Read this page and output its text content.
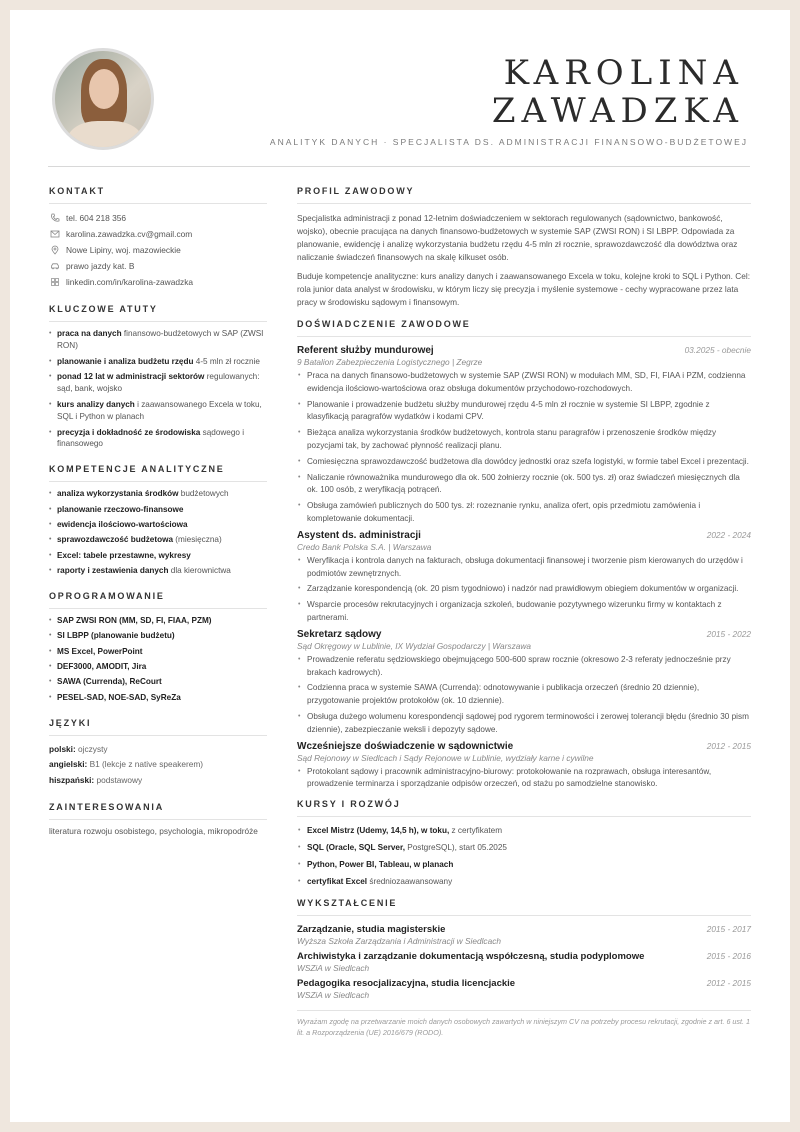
KAROLINA
ZAWADZKA
ANALITYK DANYCH · SPECJALISTA DS. ADMINISTRACJI FINANSOWO-BUDŻETOWEJ
KONTAKT
tel. 604 218 356
karolina.zawadzka.cv@gmail.com
Nowe Lipiny, woj. mazowieckie
prawo jazdy kat. B
linkedin.com/in/karolina-zawadzka
KLUCZOWE ATUTY
• praca na danych finansowo-budżetowych w SAP (ZWSI RON)
• planowanie i analiza budżetu rzędu 4-5 mln zł rocznie
• ponad 12 lat w administracji sektorów regulowanych: sąd, bank, wojsko
• kurs analizy danych i zaawansowanego Excela w toku, SQL i Python w planach
• precyzja i dokładność ze środowiska sądowego i finansowego
KOMPETENCJE ANALITYCZNE
• analiza wykorzystania środków budżetowych
• planowanie rzeczowo-finansowe
• ewidencja ilościowo-wartościowa
• sprawozdawczość budżetowa (miesięczna)
• Excel: tabele przestawne, wykresy
• raporty i zestawienia danych dla kierownictwa
OPROGRAMOWANIE
• SAP ZWSI RON (MM, SD, FI, FIAA, PZM)
• SI LBPP (planowanie budżetu)
• MS Excel, PowerPoint
• DEF3000, AMODIT, Jira
• SAWA (Currenda), ReCourt
• PESEL-SAD, NOE-SAD, SyReZa
JĘZYKI
polski: ojczysty
angielski: B1 (lekcje z native speakerem)
hiszpański: podstawowy
ZAINTERESOWANIA
literatura rozwoju osobistego, psychologia, mikropodróże
PROFIL ZAWODOWY

Specjalistka administracji z ponad 12-letnim doświadczeniem w sektorach regulowanych (sądownictwo, bankowość, wojsko), obecnie pracująca na danych finansowo-budżetowych w systemie SAP (ZWSI RON) i SI LBPP. Odpowiada za planowanie, ewidencję i analizę wykorzystania budżetu rzędu 4-5 mln zł rocznie, sprawozdawczość dla dowództwa oraz naliczanie świadczeń finansowych na skalę kilkuset osób.

Buduje kompetencje analityczne: kurs analizy danych i zaawansowanego Excela w toku, kolejne kroki to SQL i Python. Cel: rola junior data analyst w środowisku, w którym liczy się precyzja i myślenie systemowe - cechy wypracowane przez lata pracy w środowisku sądowym i finansowym.

DOŚWIADCZENIE ZAWODOWE
Referent służby mundurowej	03.2025 - obecnie
9 Batalion Zabezpieczenia Logistycznego | Zegrze
• Praca na danych finansowo-budżetowych w systemie SAP (ZWSI RON) w modułach MM, SD, FI, FIAA i PZM, codzienna ewidencja ilościowo-wartościowa oraz obsługa dokumentów przychodowo-rozchodowych.
• Planowanie i prowadzenie budżetu służby mundurowej rzędu 4-5 mln zł rocznie w systemie SI LBPP, zgodnie z klasyfikacją paragrafów wydatków i kodami CPV.
• Bieżąca analiza wykorzystania środków budżetowych, kontrola stanu paragrafów i przenoszenie środków między pozycjami tak, by zachować płynność realizacji planu.
• Comiesięczna sprawozdawczość budżetowa dla dowódcy jednostki oraz szefa logistyki, w formie tabel Excel i prezentacji.
• Naliczanie równoważnika mundurowego dla ok. 500 żołnierzy rocznie (ok. 500 tys. zł) oraz świadczeń miesięcznych dla ok. 100 osób, z weryfikacją potrąceń.
• Obsługa zamówień publicznych do 500 tys. zł: rozeznanie rynku, analiza ofert, opis przedmiotu zamówienia i kompletowanie dokumentacji.
Asystent ds. administracji	2022 - 2024
Credo Bank Polska S.A. | Warszawa
• Weryfikacja i kontrola danych na fakturach, obsługa dokumentacji finansowej i tworzenie pism kierowanych do urzędów i podmiotów zewnętrznych.
• Zarządzanie korespondencją (ok. 20 pism tygodniowo) i nadzór nad prawidłowym obiegiem dokumentów w organizacji.
• Wsparcie procesów rekrutacyjnych i organizacja szkoleń, budowanie pozytywnego wizerunku firmy w kontaktach z partnerami.
Sekretarz sądowy	2015 - 2022
Sąd Okręgowy w Lublinie, IX Wydział Gospodarczy | Warszawa
• Prowadzenie referatu sędziowskiego obejmującego 500-600 spraw rocznie (okresowo 2-3 referaty jednocześnie przy brakach kadrowych).
• Codzienna praca w systemie SAWA (Currenda): odnotowywanie i publikacja orzeczeń (średnio 20 dziennie), przygotowanie projektów protokołów (ok. 10 dziennie).
• Obsługa dużego wolumenu korespondencji sądowej pod rygorem terminowości i zerowej tolerancji błędu (średnio 30 pism dziennie), zabezpieczanie weksli i depozyty sądowe.
Wcześniejsze doświadczenie w sądownictwie	2012 - 2015
Sąd Rejonowy w Siedlcach i Sądy Rejonowe w Lublinie, wydziały karne i cywilne
• Protokolant sądowy i pracownik administracyjno-biurowy: protokołowanie na rozprawach, obsługa interesantów, prowadzenie terminarza i sporządzanie odpisów orzeczeń, od stażu po samodzielne stanowisko.
KURSY I ROZWÓJ
• Excel Mistrz (Udemy, 14,5 h), w toku, z certyfikatem
• SQL (Oracle, SQL Server, PostgreSQL), start 05.2025
• Python, Power BI, Tableau, w planach
• certyfikat Excel średniozaawansowany
WYKSZTAŁCENIE
Zarządzanie, studia magisterskie	2015 - 2017
Wyższa Szkoła Zarządzania i Administracji w Siedlcach
Archiwistyka i zarządzanie dokumentacją współczesną, studia podyplomowe	2015 - 2016
WSZiA w Siedlcach
Pedagogika resocjalizacyjna, studia licencjackie	2012 - 2015
WSZiA w Siedlcach
Wyrażam zgodę na przetwarzanie moich danych osobowych zawartych w niniejszym CV na potrzeby procesu rekrutacji, zgodnie z art. 6 ust. 1 lit. a Rozporządzenia (UE) 2016/679 (RODO).
